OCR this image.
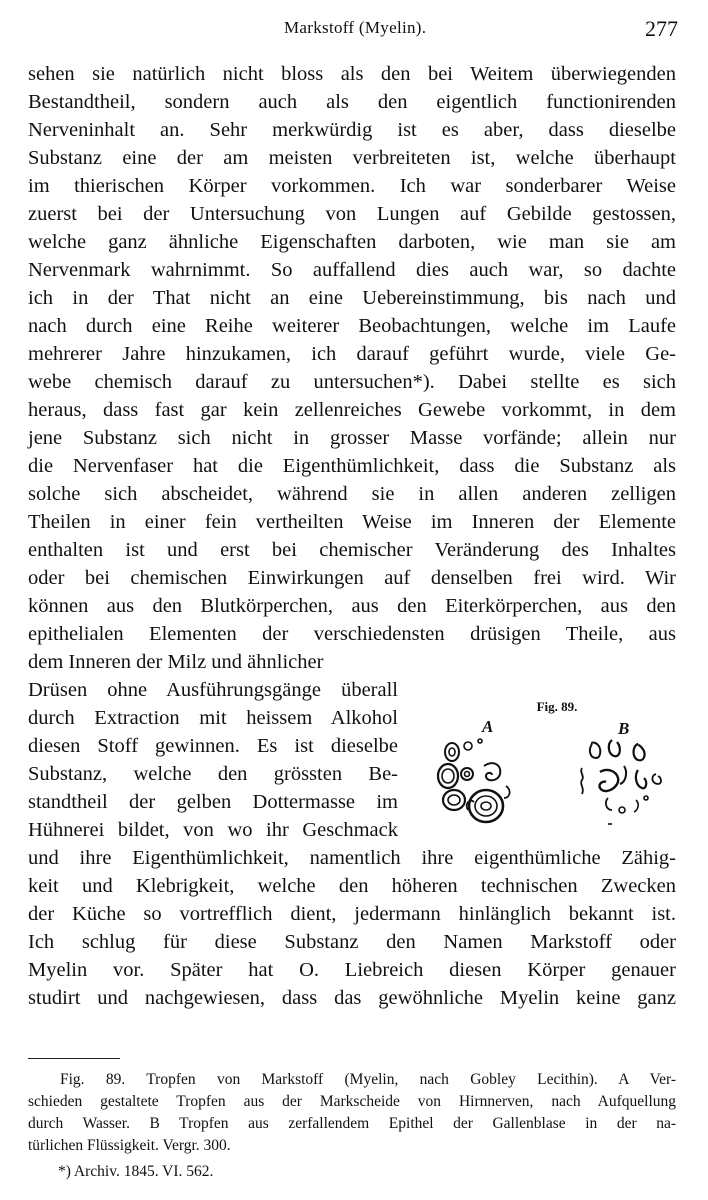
Markstoff (Myelin).	277
sehen sie natürlich nicht bloss als den bei Weitem überwiegenden
Bestandtheil, sondern auch als den eigentlich functionirenden
Nerveninhalt an. Sehr merkwürdig ist es aber, dass dieselbe
Substanz eine der am meisten verbreiteten ist, welche überhaupt
im thierischen Körper vorkommen. Ich war sonderbarer Weise
zuerst bei der Untersuchung von Lungen auf Gebilde gestossen,
welche ganz ähnliche Eigenschaften darboten, wie man sie am
Nervenmark wahrnimmt. So auffallend dies auch war, so dachte
ich in der That nicht an eine Uebereinstimmung, bis nach und
nach durch eine Reihe weiterer Beobachtungen, welche im Laufe
mehrerer Jahre hinzukamen, ich darauf geführt wurde, viele Ge-
webe chemisch darauf zu untersuchen*). Dabei stellte es sich
heraus, dass fast gar kein zellenreiches Gewebe vorkommt, in dem
jene Substanz sich nicht in grosser Masse vorfände; allein nur
die Nervenfaser hat die Eigenthümlichkeit, dass die Substanz als
solche sich abscheidet, während sie in allen anderen zelligen
Theilen in einer fein vertheilten Weise im Inneren der Elemente
enthalten ist und erst bei chemischer Veränderung des Inhaltes
oder bei chemischen Einwirkungen auf denselben frei wird. Wir
können aus den Blutkörperchen, aus den Eiterkörperchen, aus den
epithelialen Elementen der verschiedensten drüsigen Theile, aus
dem Inneren der Milz und ähnlicher
Drüsen ohne Ausführungsgänge überall
durch Extraction mit heissem Alkohol
diesen Stoff gewinnen. Es ist dieselbe
Substanz, welche den grössten Be-
standtheil der gelben Dottermasse im
Hühnerei bildet, von wo ihr Geschmack
und ihre Eigenthümlichkeit, namentlich ihre eigenthümliche Zähig-
keit und Klebrigkeit, welche den höheren technischen Zwecken
der Küche so vortrefflich dient, jedermann hinlänglich bekannt ist.
Ich schlug für diese Substanz den Namen Markstoff oder
Myelin vor. Später hat O. Liebreich diesen Körper genauer
studirt und nachgewiesen, dass das gewöhnliche Myelin keine ganz
Fig. 89.
A	B
Fig. 89. Tropfen von Markstoff (Myelin, nach Gobley Lecithin). A Ver-
schieden gestaltete Tropfen aus der Markscheide von Hirnnerven, nach Aufquellung
durch Wasser. B Tropfen aus zerfallendem Epithel der Gallenblase in der na-
türlichen Flüssigkeit. Vergr. 300.
*) Archiv. 1845. VI. 562.
